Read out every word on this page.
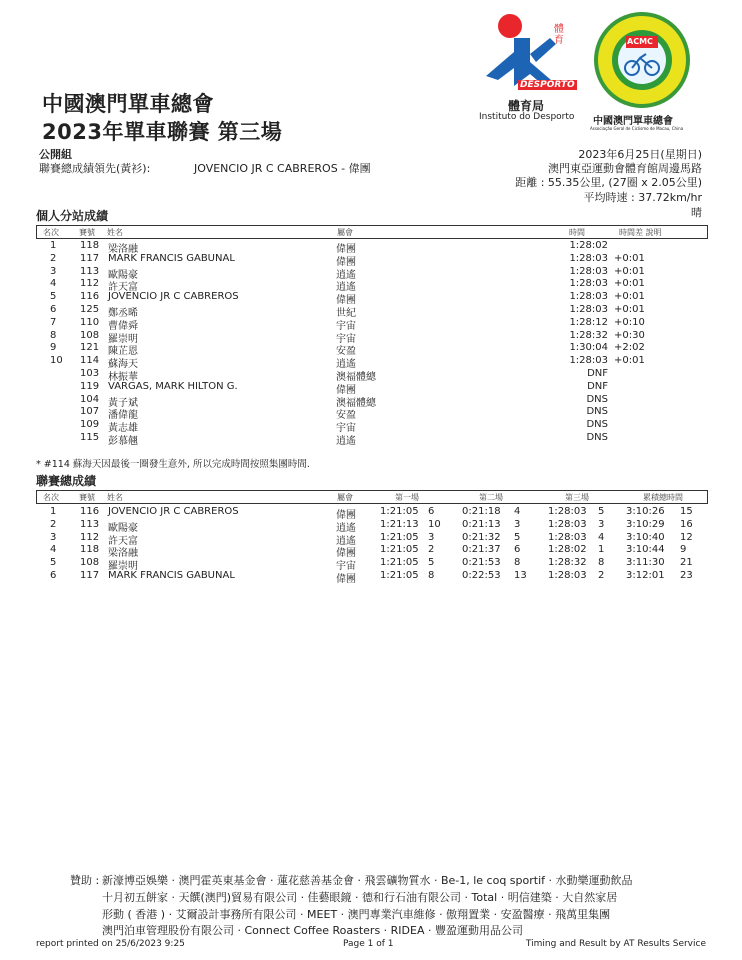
體育
DESPORTO
體育局
Instituto do Desporto
ACMC
中國澳門單車總會
Associação Geral de Ciclismo de Macau, China
中國澳門單車總會
2023年單車聯賽 第三場
公開組
聯賽總成績領先(黃衫):	JOVENCIO JR C CABREROS - 偉團
2023年6月25日(星期日)
澳門東亞運動會體育館周邊馬路
距離 : 55.35公里, (27圈 x 2.05公里)
平均時速 : 37.72km/hr
晴
個人分站成績
名次	賽號 姓名	屬會	時間	時間差 說明
1 118 梁洛融	偉團	1:28:02
2 117 MARK FRANCIS GABUNAL	偉團	1:28:03 +0:01
3 113 歐陽豪	逍遙	1:28:03 +0:01
4 112 許天富	逍遙	1:28:03 +0:01
5 116 JOVENCIO JR C CABREROS	偉團	1:28:03 +0:01
6 125 鄭丞晞	世紀	1:28:03 +0:01
7 110 曹偉舜	宇宙	1:28:12 +0:10
8 108 羅崇明	宇宙	1:28:32 +0:30
9 121 陳芷恩	安盈	1:30:04 +2:02
10 114 蘇海天	逍遙	1:28:03 +0:01
103 林振華	澳福體總	DNF
119 VARGAS, MARK HILTON G.	偉團	DNF
104 黃子斌	澳福體總	DNS
107 潘偉龍	安盈	DNS
109 黃志雄	宇宙	DNS
115 彭慕翹	逍遙	DNS
* #114 蘇海天因最後一圈發生意外, 所以完成時間按照集團時間.
聯賽總成績
名次	賽號 姓名	屬會	第一場	第二場	第三場	累積總時間
1 116 JOVENCIO JR C CABREROS	偉團 1:21:05 6	0:21:18 4	1:28:03 5 3:10:26 15
2 113 歐陽豪	逍遙 1:21:13 10 0:21:13 3	1:28:03 3 3:10:29 16
3 112 許天富	逍遙 1:21:05 3	0:21:32 5	1:28:03 4 3:10:40 12
4 118 梁洛融	偉團 1:21:05 2	0:21:37 6	1:28:02 1 3:10:44 9
5 108 羅崇明	宇宙 1:21:05 5	0:21:53 8	1:28:32 8 3:11:30 21
6 117 MARK FRANCIS GABUNAL	偉團 1:21:05 8	0:22:53 13 1:28:03 2 3:12:01 23
贊助 : 新濠博亞娛樂 · 澳門霍英東基金會 · 蓮花慈善基金會 · 飛雲礦物質水 · Be-1, le coq sportif · 水動樂運動飲品
十月初五餅家 · 天饌(澳門)貿易有限公司 · 佳藝眼鏡 · 德和行石油有限公司 · Total · 明信建築 · 大自然家居
形動 ( 香港 ) · 艾爾設計事務所有限公司 · MEET · 澳門專業汽車維修 · 傲翔置業 · 安盈醫療 · 飛萬里集團
澳門泊車管理股份有限公司 · Connect Coffee Roasters · RIDEA · 豐盈運動用品公司
report printed on 25/6/2023 9:25	Page 1 of 1	Timing and Result by AT Results Service
